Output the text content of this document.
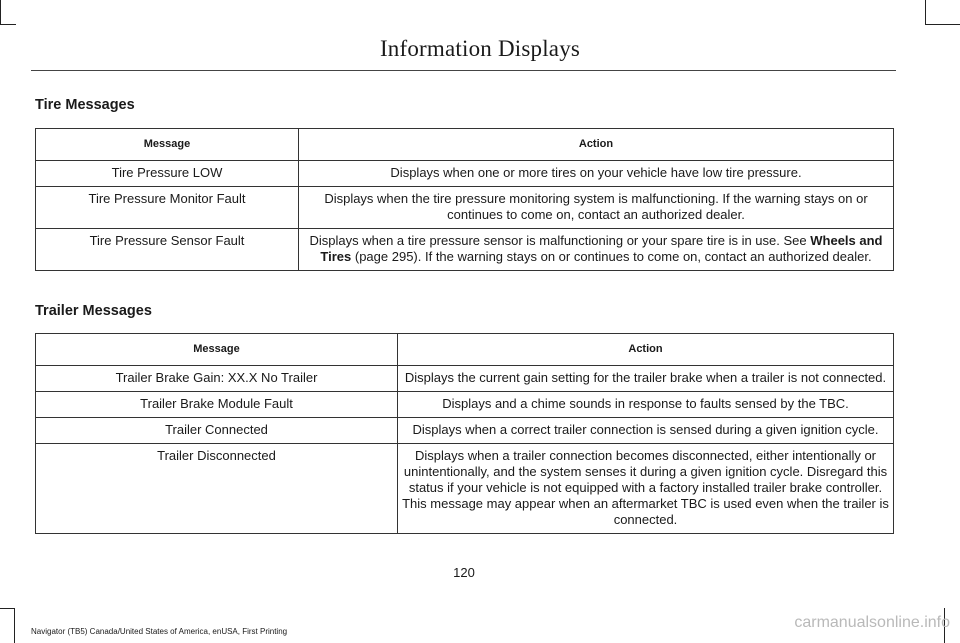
Information Displays
Tire Messages
Message	Action
Tire Pressure LOW	Displays when one or more tires on your vehicle have low tire pressure.
Tire Pressure Monitor Fault	Displays when the tire pressure monitoring system is malfunctioning. If the warning stays on or continues to come on, contact an authorized dealer.
Tire Pressure Sensor Fault	Displays when a tire pressure sensor is malfunctioning or your spare tire is in use. See Wheels and Tires (page 295). If the warning stays on or continues to come on, contact an authorized dealer.
Trailer Messages
Message	Action
Trailer Brake Gain: XX.X No Trailer	Displays the current gain setting for the trailer brake when a trailer is not connected.
Trailer Brake Module Fault	Displays and a chime sounds in response to faults sensed by the TBC.
Trailer Connected	Displays when a correct trailer connection is sensed during a given ignition cycle.
Trailer Disconnected	Displays when a trailer connection becomes disconnected, either intentionally or unintentionally, and the system senses it during a given ignition cycle. Disregard this status if your vehicle is not equipped with a factory installed trailer brake controller. This message may appear when an aftermarket TBC is used even when the trailer is connected.
120
Navigator (TB5) Canada/United States of America, enUSA, First Printing
carmanualsonline.info
